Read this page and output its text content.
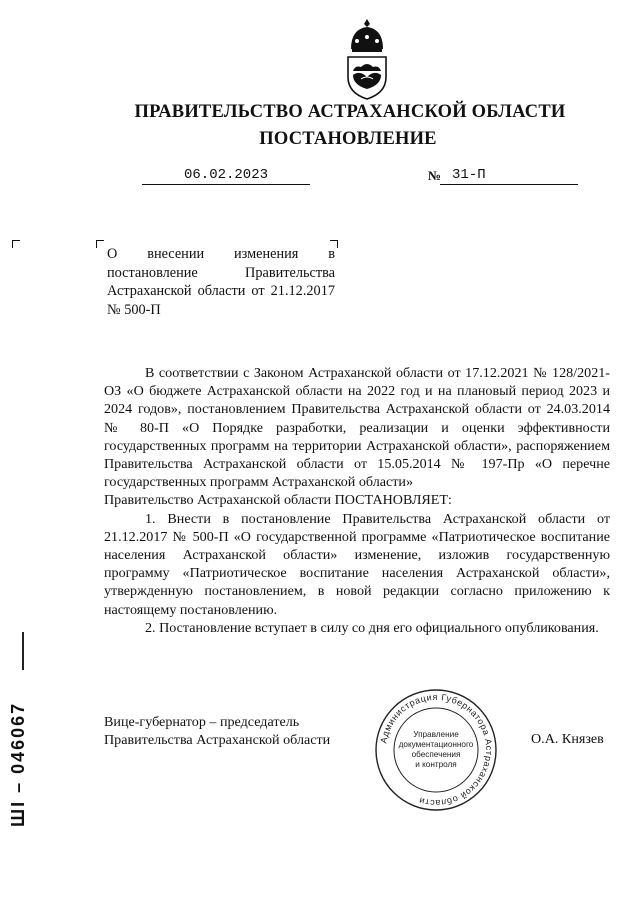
ПРАВИТЕЛЬСТВО АСТРАХАНСКОЙ ОБЛАСТИ
ПОСТАНОВЛЕНИЕ
06.02.2023	№ 31-П
О внесении изменения в постановление Правительства Астраханской области от 21.12.2017 № 500-П

В соответствии с Законом Астраханской области от 17.12.2021 № 128/2021-ОЗ «О бюджете Астраханской области на 2022 год и на плановый период 2023 и 2024 годов», постановлением Правительства Астраханской области от 24.03.2014 № 80-П «О Порядке разработки, реализации и оценки эффективности государственных программ на территории Астраханской области», распоряжением Правительства Астраханской области от 15.05.2014 № 197-Пр «О перечне государственных программ Астраханской области»

Правительство Астраханской области ПОСТАНОВЛЯЕТ:

1. Внести в постановление Правительства Астраханской области от 21.12.2017 № 500-П «О государственной программе «Патриотическое воспитание населения Астраханской области» изменение, изложив государственную программу «Патриотическое воспитание населения Астраханской области», утвержденную постановлением, в новой редакции согласно приложению к настоящему постановлению.

2. Постановление вступает в силу со дня его официального опубликования.

Вице-губернатор – председатель
Правительства Астраханской области	О.А. Князев
Администрация Губернатора Астраханской области
Управление
документационного
обеспечения
и контроля
ШI – 046067
